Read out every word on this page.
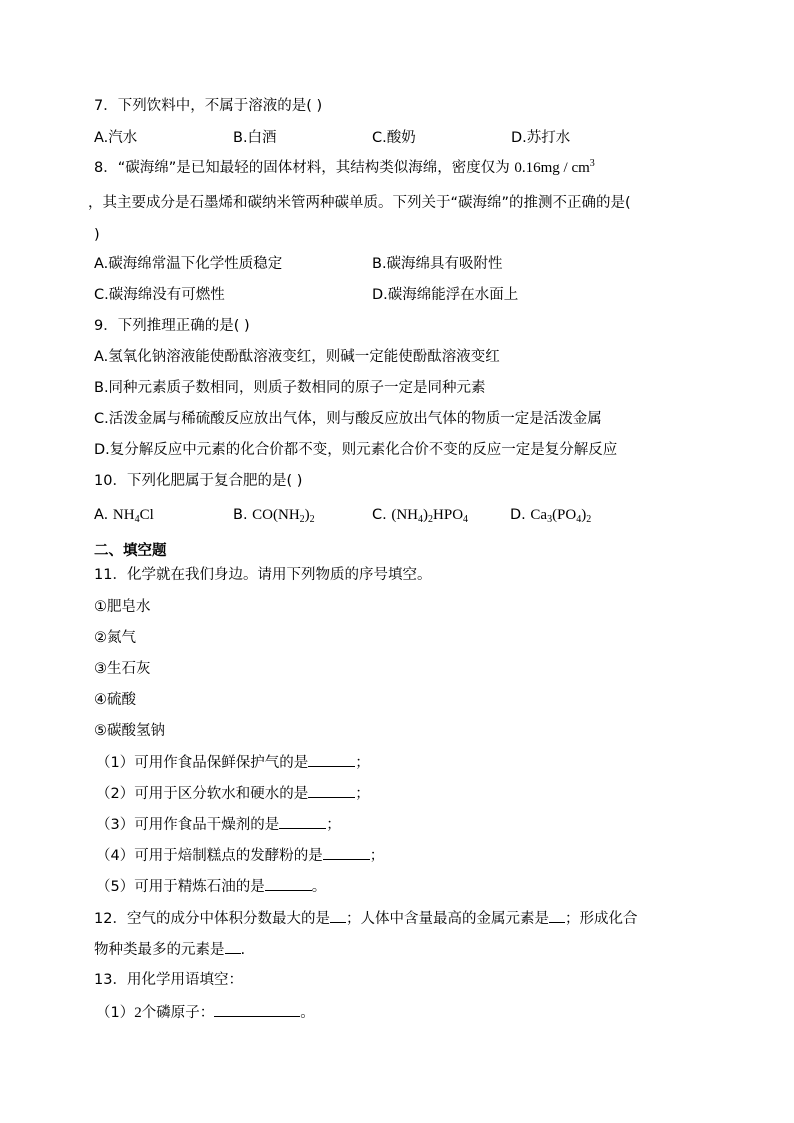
7．下列饮料中，不属于溶液的是( )
A.汽水	B.白酒	C.酸奶	D.苏打水
8．“碳海绵”是已知最轻的固体材料，其结构类似海绵，密度仅为 $0.16mg / cm^3$
，其主要成分是石墨烯和碳纳米管两种碳单质。下列关于“碳海绵”的推测不正确的是(
)
A.碳海绵常温下化学性质稳定	B.碳海绵具有吸附性
C.碳海绵没有可燃性	D.碳海绵能浮在水面上
9．下列推理正确的是( )
A.氢氧化钠溶液能使酚酞溶液变红，则碱一定能使酚酞溶液变红
B.同种元素质子数相同，则质子数相同的原子一定是同种元素
C.活泼金属与稀硫酸反应放出气体，则与酸反应放出气体的物质一定是活泼金属
D.复分解反应中元素的化合价都不变，则元素化合价不变的反应一定是复分解反应
10．下列化肥属于复合肥的是( )
A. $NH_4Cl$	B. $CO(NH_2)_2$	C. $(NH_4)_2HPO_4$	D. $Ca_3(PO_4)_2$
二、填空题
11．化学就在我们身边。请用下列物质的序号填空。
①肥皂水
②氮气
③生石灰
④硫酸
⑤碳酸氢钠
（1）可用作食品保鲜保护气的是	；
（2）可用于区分软水和硬水的是	；
（3）可用作食品干燥剂的是	；
（4）可用于焙制糕点的发酵粉的是	；
（5）可用于精炼石油的是	。
12．空气的成分中体积分数最大的是 ；人体中含量最高的金属元素是 ；形成化合
物种类最多的元素是 .
13．用化学用语填空：
（1）2个磷原子：	。
